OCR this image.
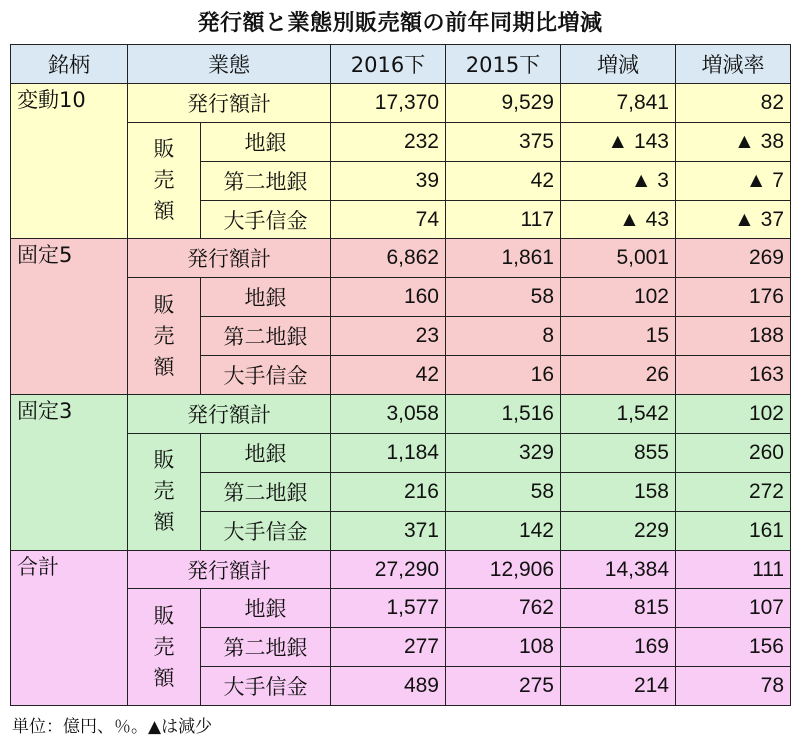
発行額と業態別販売額の前年同期比増減
銘柄	業態		2016下	2015下	増減	増減率
変動10	発行額計		17,370	9,529	7,841	82
	販
売
額	地銀	232	375	▲ 143	▲ 38
		第二地銀	39	42	▲ 3	▲ 7
		大手信金	74	117	▲ 43	▲ 37
固定5	発行額計		6,862	1,861	5,001	269
	販
売
額	地銀	160	58	102	176
		第二地銀	23	8	15	188
		大手信金	42	16	26	163
固定3	発行額計		3,058	1,516	1,542	102
	販
売
額	地銀	1,184	329	855	260
		第二地銀	216	58	158	272
		大手信金	371	142	229	161
合計	発行額計		27,290	12,906	14,384	111
	販
売
額	地銀	1,577	762	815	107
		第二地銀	277	108	169	156
		大手信金	489	275	214	78
単位：億円、％。▲は減少
